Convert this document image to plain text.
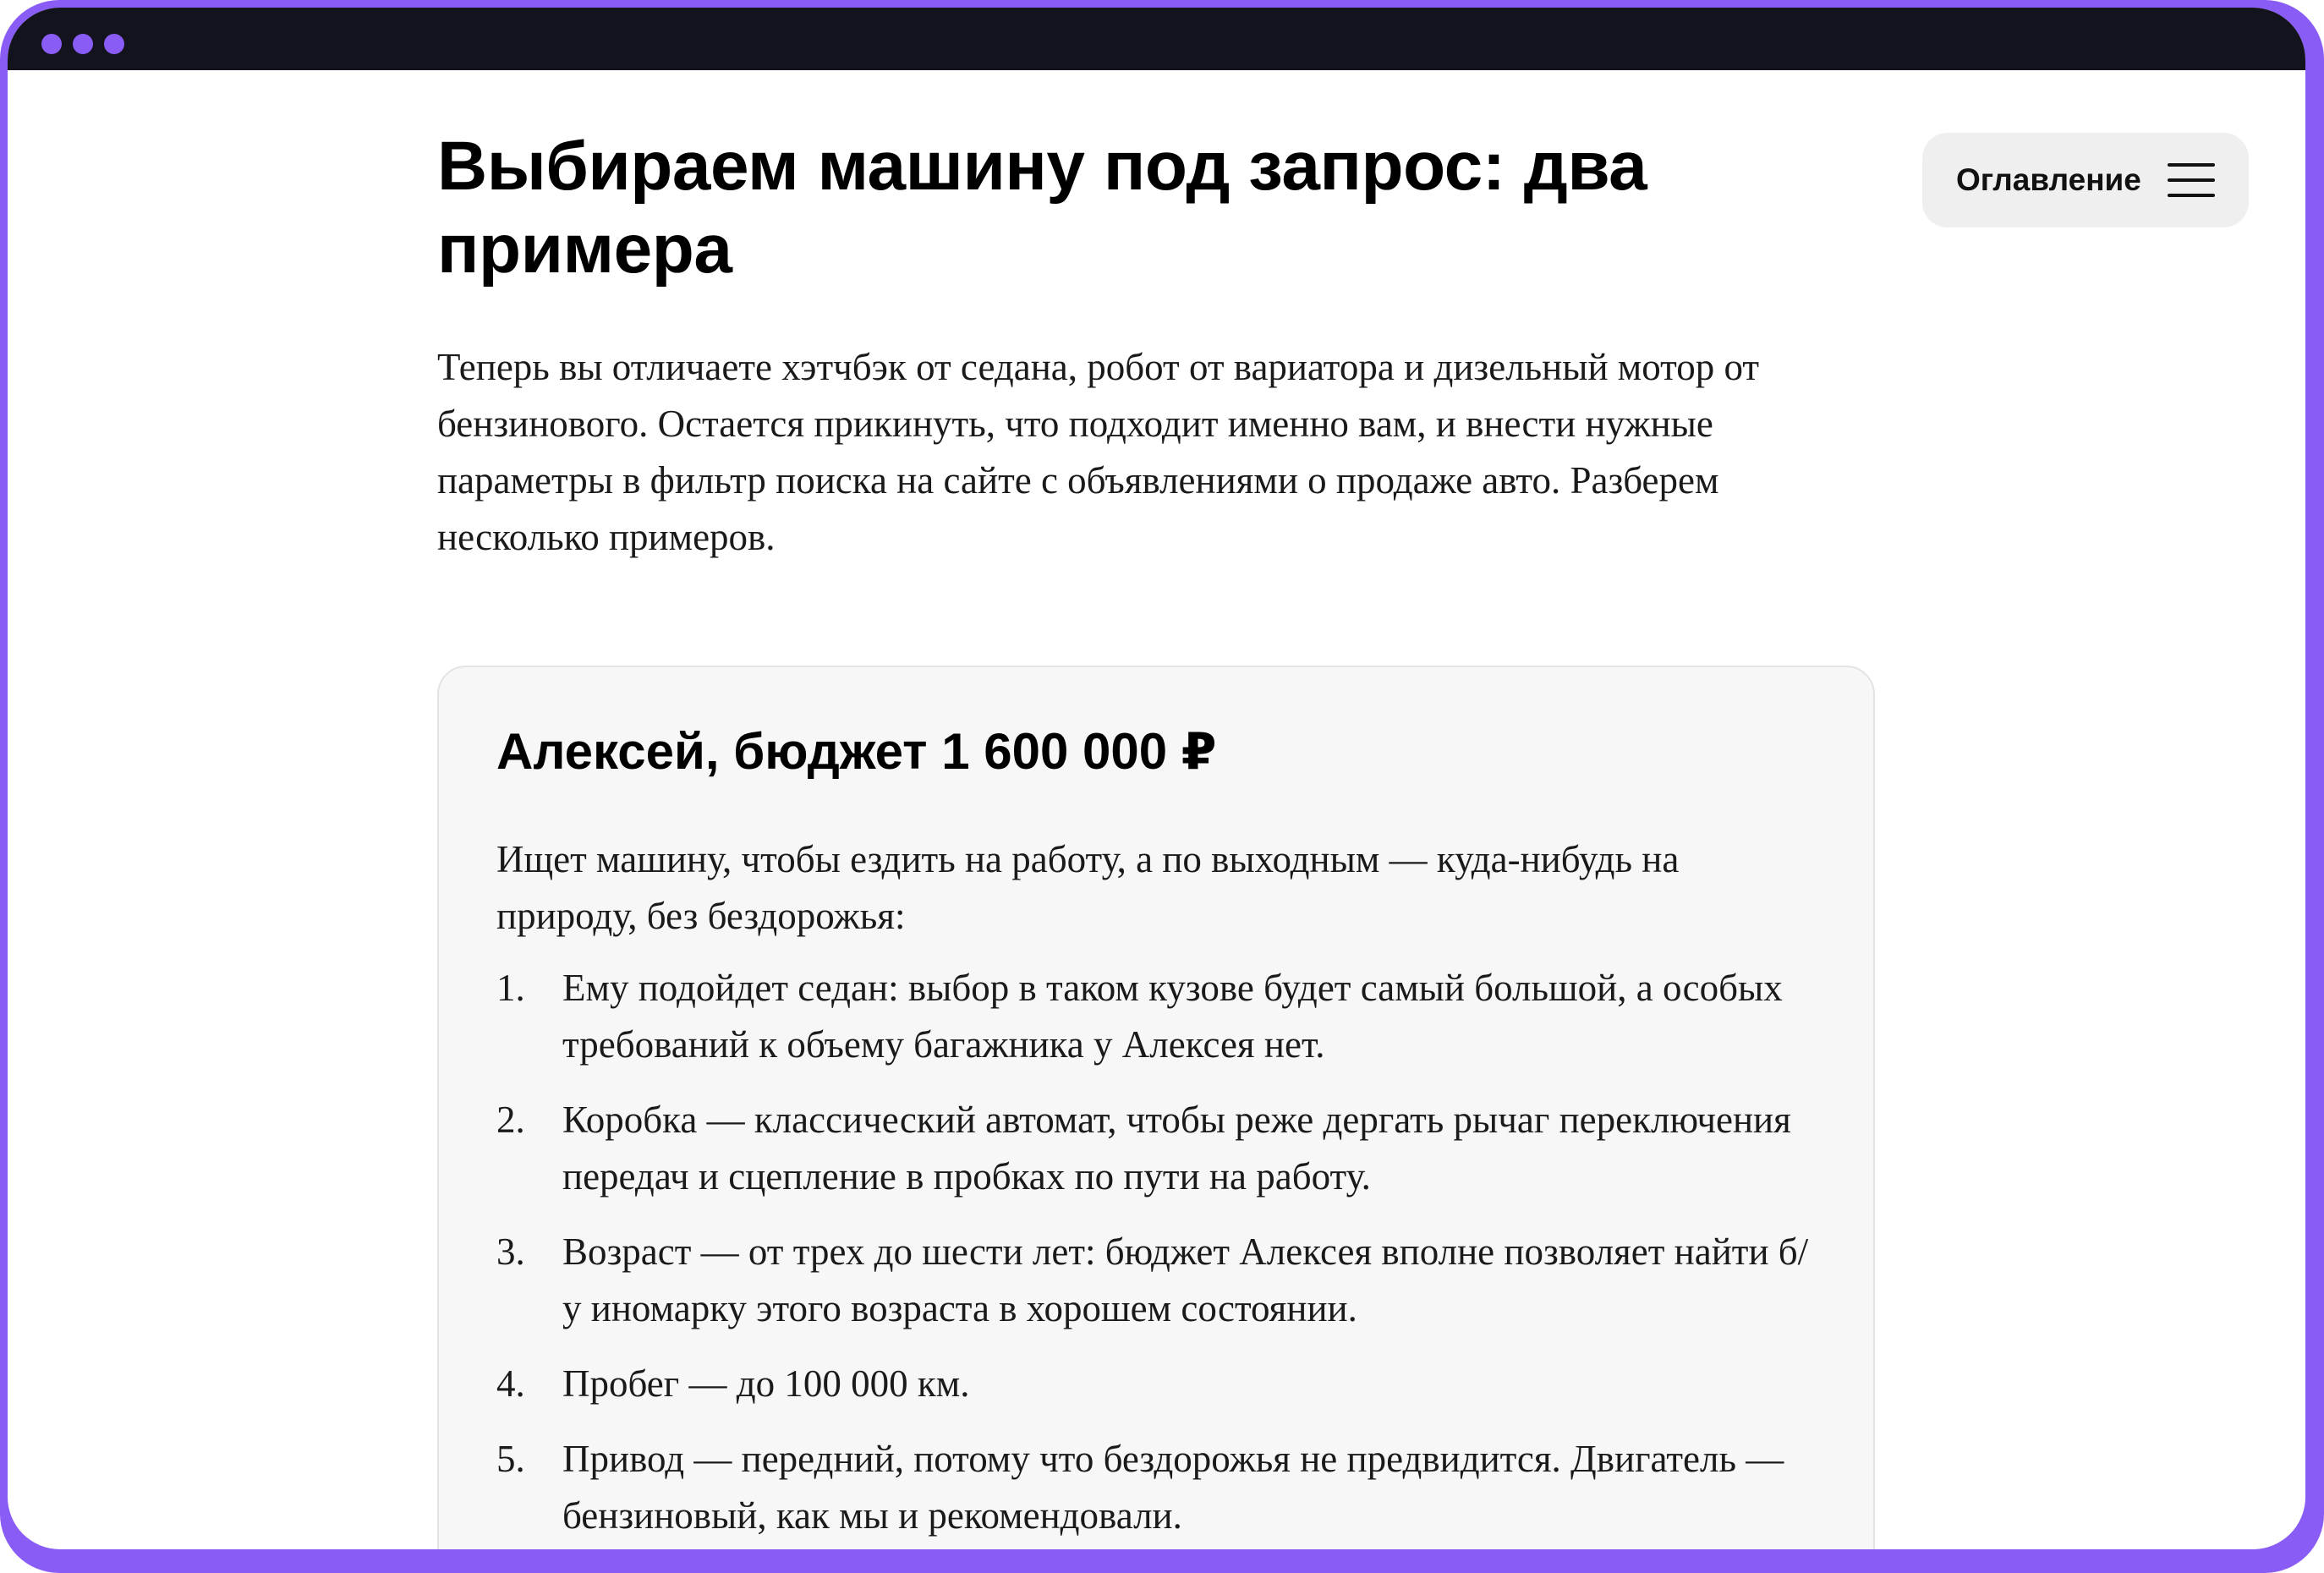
Выбираем машину под запрос: два примера
Теперь вы отличаете хэтчбэк от седана, робот от вариатора и дизельный мотор от бензинового. Остается прикинуть, что подходит именно вам, и внести нужные параметры в фильтр поиска на сайте с объявлениями о продаже авто. Разберем несколько примеров.
Алексей, бюджет 1 600 000 ₽
Ищет машину, чтобы ездить на работу, а по выходным — куда-нибудь на природу, без бездорожья:
1. Ему подойдет седан: выбор в таком кузове будет самый большой, а особых требований к объему багажника у Алексея нет.
2. Коробка — классический автомат, чтобы реже дергать рычаг переключения передач и сцепление в пробках по пути на работу.
3. Возраст — от трех до шести лет: бюджет Алексея вполне позволяет найти б/у иномарку этого возраста в хорошем состоянии.
4. Пробег — до 100 000 км.
5. Привод — передний, потому что бездорожья не предвидится. Двигатель — бензиновый, как мы и рекомендовали.
Оглавление
